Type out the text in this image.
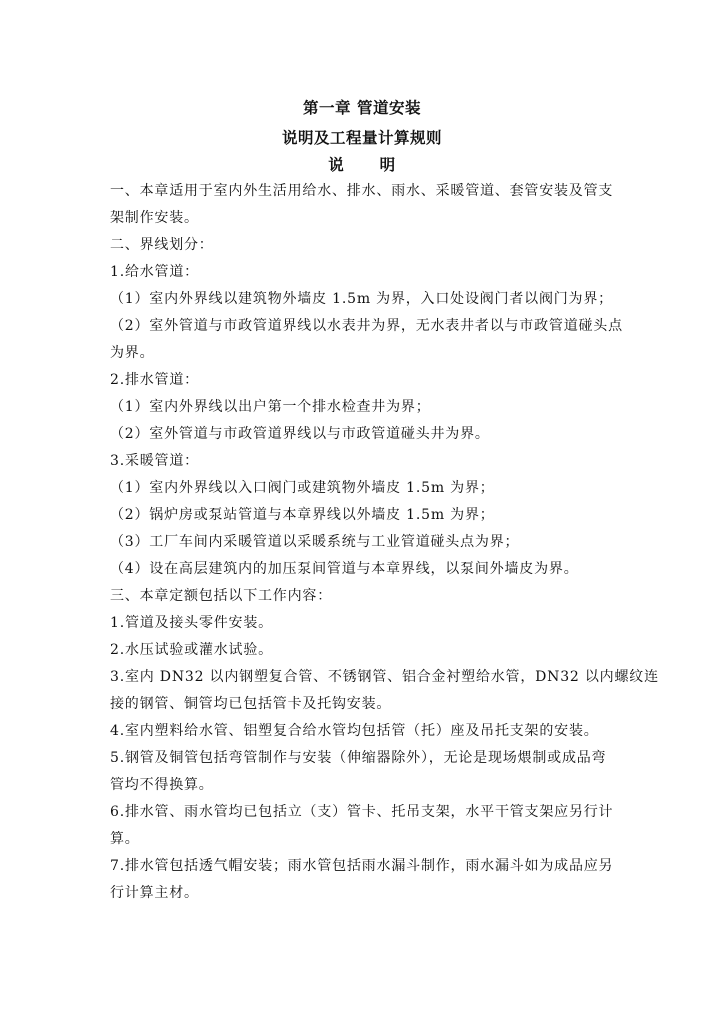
第一章 管道安装
说明及工程量计算规则
说      明
一、本章适用于室内外生活用给水、排水、雨水、采暖管道、套管安装及管支
架制作安装。
二、界线划分：
1.给水管道：
（1）室内外界线以建筑物外墙皮 1.5m 为界，入口处设阀门者以阀门为界；
（2）室外管道与市政管道界线以水表井为界，无水表井者以与市政管道碰头点
为界。
2.排水管道：
（1）室内外界线以出户第一个排水检查井为界；
（2）室外管道与市政管道界线以与市政管道碰头井为界。
3.采暖管道：
（1）室内外界线以入口阀门或建筑物外墙皮 1.5m 为界；
（2）锅炉房或泵站管道与本章界线以外墙皮 1.5m 为界；
（3）工厂车间内采暖管道以采暖系统与工业管道碰头点为界；
（4）设在高层建筑内的加压泵间管道与本章界线，以泵间外墙皮为界。
三、本章定额包括以下工作内容：
1.管道及接头零件安装。
2.水压试验或灌水试验。
3.室内 DN32 以内钢塑复合管、不锈钢管、铝合金衬塑给水管，DN32 以内螺纹连
接的钢管、铜管均已包括管卡及托钩安装。
4.室内塑料给水管、铝塑复合给水管均包括管（托）座及吊托支架的安装。
5.钢管及铜管包括弯管制作与安装（伸缩器除外），无论是现场煨制或成品弯
管均不得换算。
6.排水管、雨水管均已包括立（支）管卡、托吊支架，水平干管支架应另行计
算。
7.排水管包括透气帽安装；雨水管包括雨水漏斗制作，雨水漏斗如为成品应另
行计算主材。
